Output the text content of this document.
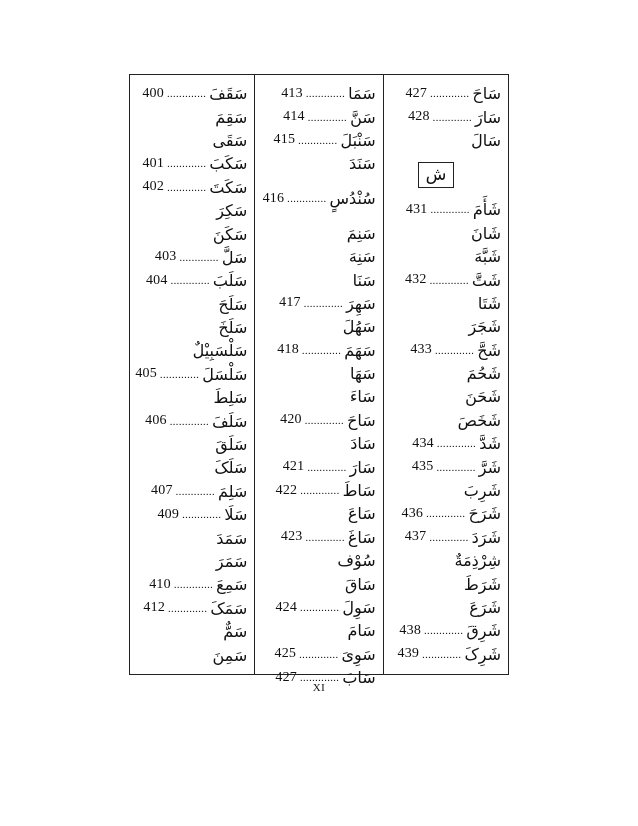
400 ............. سَقَفَ
سَقِمَ
سَقَی
401 ............. سَکَبَ
402 ............. سَکَتَ
سَکِرَ
سَکَنَ
403 ............. سَلَّ
404 ............. سَلَبَ
سَلَحَ
سَلَخَ
سَلْسَبِیْلٌ
405 ............. سَلْسَلَ
سَلِطَ
406 ............. سَلَفَ
سَلَقَ
سَلَکَ
407 ............. سَلِمَ
409 ............. سَلَا
سَمَدَ
سَمَرَ
410 ............. سَمِعَ
412 ............. سَمَکَ
سَمٌّ
سَمِنَ
413 ............. سَمَا
414 ............. سَنَّ
415 ............. سَنْبَلَ
سَنَدَ
416 ............. سُنْدُسٍ
سَنِمَ
سَنِهَ
سَنَا
417 ............. سَهِرَ
سَهُلَ
418 ............. سَهَمَ
سَهَا
سَاءَ
420 ............. سَاحَ
سَادَ
421 ............. سَارَ
422 ............. سَاطَ
سَاعَ
423 ............. سَاغَ
سُوْف
سَاقَ
424 ............. سَوِلَ
سَامَ
425 ............. سَوِیَ
427 ............. سَابَ
427 ............. سَاحَ
428 ............. سَارَ
سَالَ
ش
431 ............. شَأَمَ
شَانَ
شَبَّهَ
432 ............. شَتَّ
شَتَا
شَجَرَ
433 ............. شَحَّ
شَحُمَ
شَحَنَ
شَخَصَ
434 ............. شَدَّ
435 ............. شَرَّ
شَرِبَ
436 ............. شَرَحَ
437 ............. شَرَدَ
شِرْذِمَةٌ
شَرَطَ
شَرَعَ
438 ............. شَرِقَ
439 ............. شَرِکَ
XI
